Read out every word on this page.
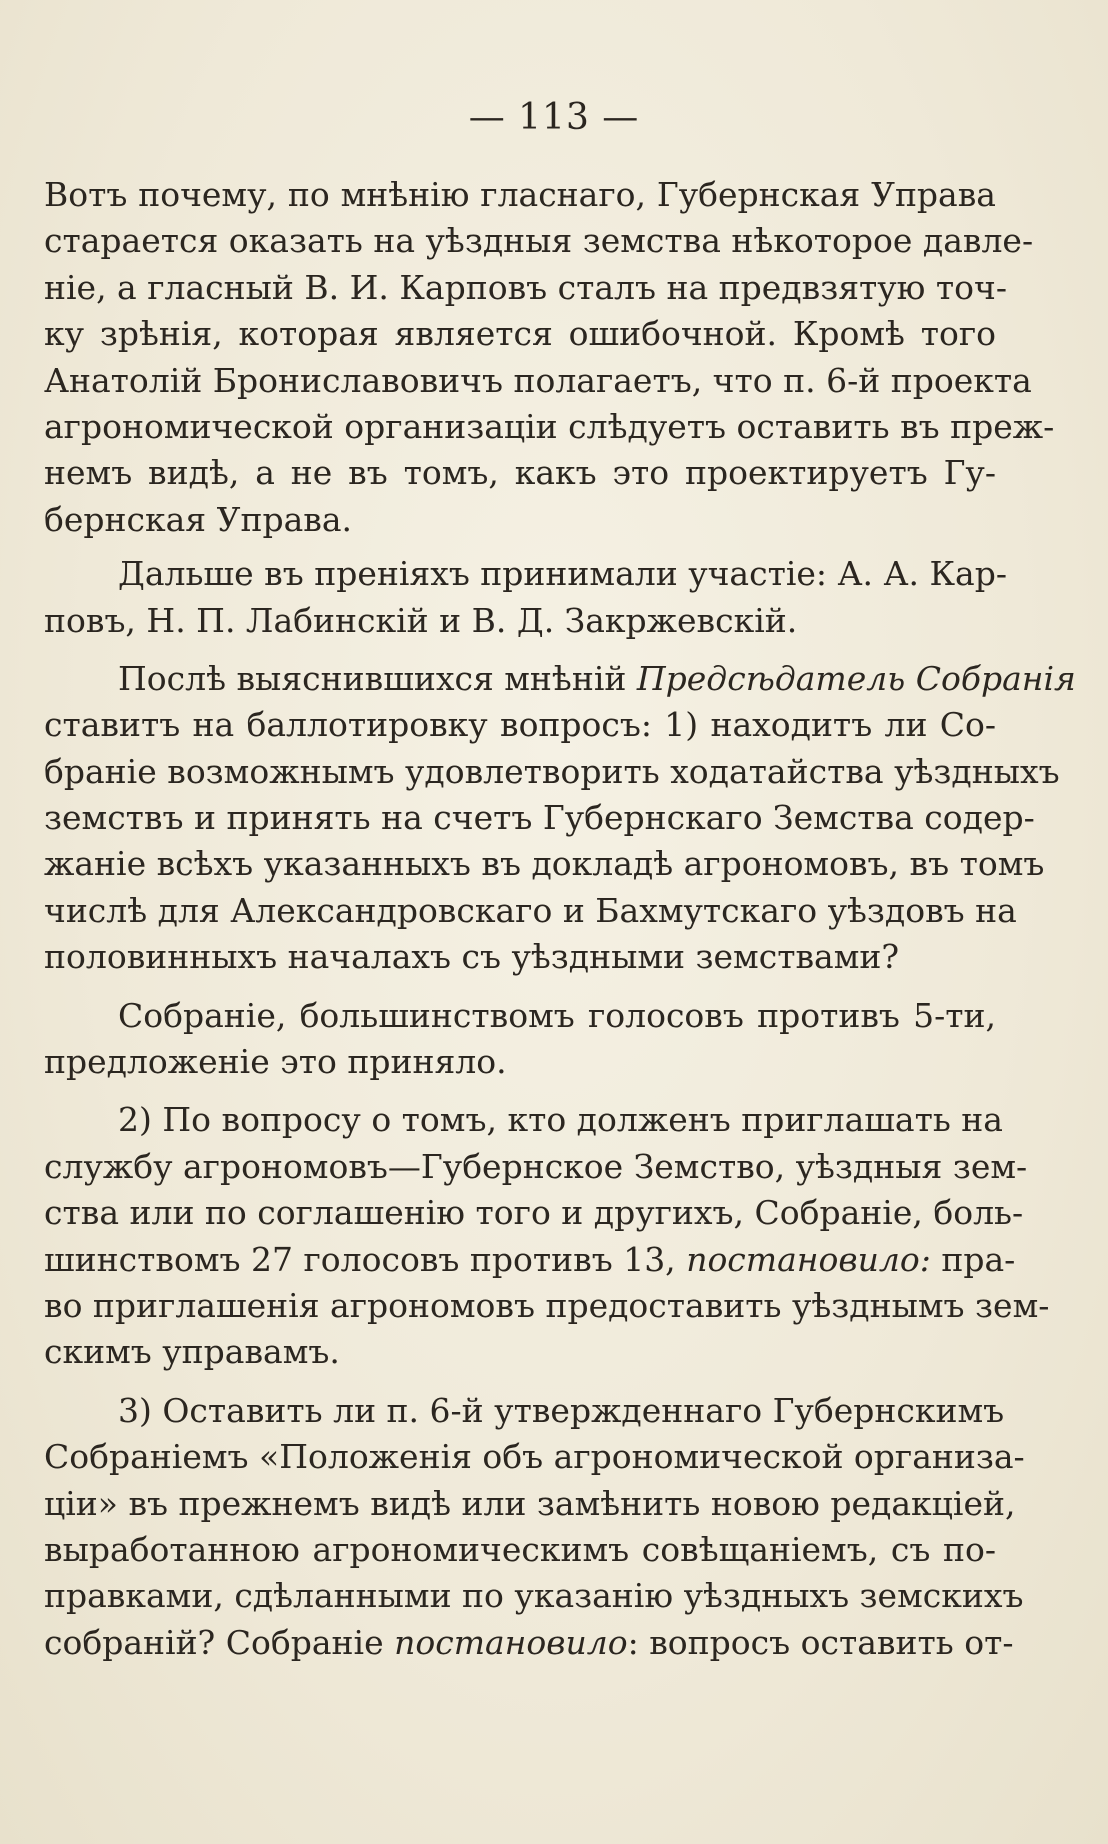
— 113 —
Вотъ почему, по мнѣнію гласнаго, Губернская Управа
старается оказать на уѣздныя земства нѣкоторое давле-
ніе, а гласный В. И. Карповъ сталъ на предвзятую точ-
ку зрѣнія, которая является ошибочной. Кромѣ того
Анатолій Брониславовичъ полагаетъ, что п. 6-й проекта
агрономической организаціи слѣдуетъ оставить въ преж-
немъ видѣ, а не въ томъ, какъ это проектируетъ Гу-
бернская Управа.
Дальше въ преніяхъ принимали участіе: А. А. Кар-
повъ, Н. П. Лабинскій и В. Д. Закржевскій.
Послѣ выяснившихся мнѣній Предсѣдатель Собранія
ставитъ на баллотировку вопросъ: 1) находитъ ли Со-
браніе возможнымъ удовлетворить ходатайства уѣздныхъ
земствъ и принять на счетъ Губернскаго Земства содер-
жаніе всѣхъ указанныхъ въ докладѣ агрономовъ, въ томъ
числѣ для Александровскаго и Бахмутскаго уѣздовъ на
половинныхъ началахъ съ уѣздными земствами?
Собраніе, большинствомъ голосовъ противъ 5-ти,
предложеніе это приняло.
2) По вопросу о томъ, кто долженъ приглашать на
службу агрономовъ—Губернское Земство, уѣздныя зем-
ства или по соглашенію того и другихъ, Собраніе, боль-
шинствомъ 27 голосовъ противъ 13, постановило: пра-
во приглашенія агрономовъ предоставить уѣзднымъ зем-
скимъ управамъ.
3) Оставить ли п. 6-й утвержденнаго Губернскимъ
Собраніемъ «Положенія объ агрономической организа-
ціи» въ прежнемъ видѣ или замѣнить новою редакціей,
выработанною агрономическимъ совѣщаніемъ, съ по-
правками, сдѣланными по указанію уѣздныхъ земскихъ
собраній? Собраніе постановило: вопросъ оставить от-
